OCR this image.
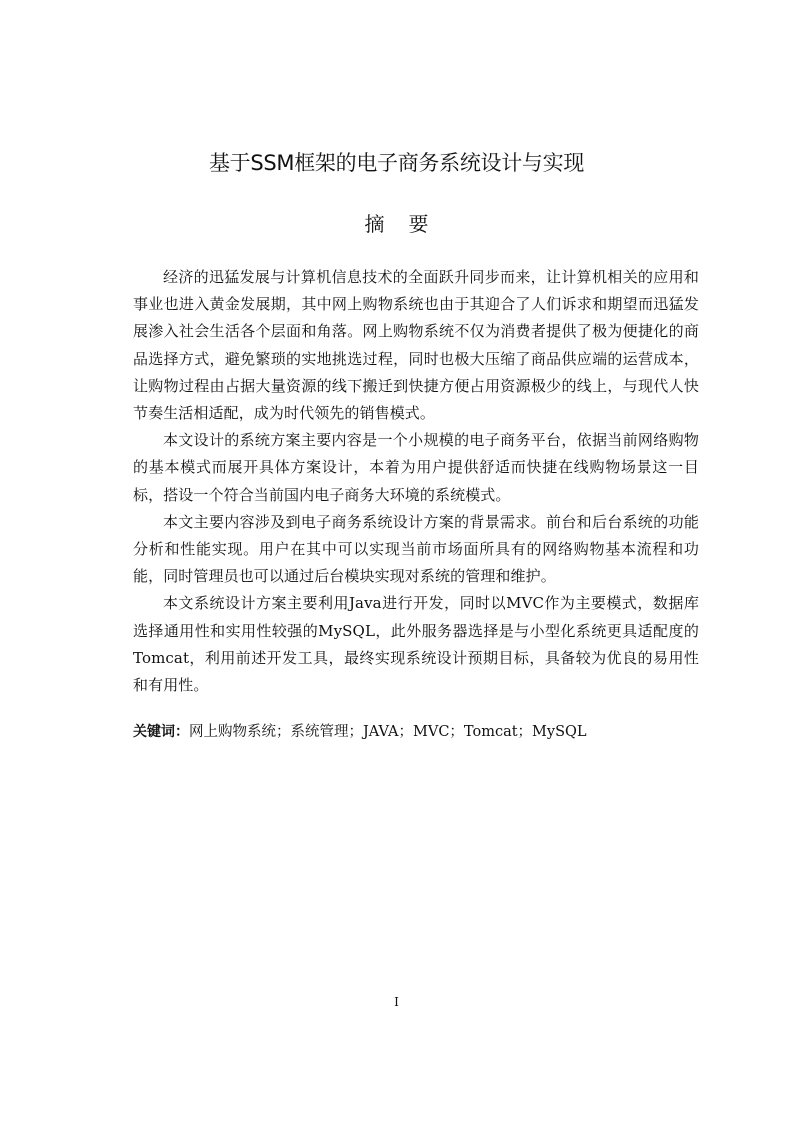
基于SSM框架的电子商务系统设计与实现
摘要

经济的迅猛发展与计算机信息技术的全面跃升同步而来，让计算机相关的应用和事业也进入黄金发展期，其中网上购物系统也由于其迎合了人们诉求和期望而迅猛发展渗入社会生活各个层面和角落。网上购物系统不仅为消费者提供了极为便捷化的商品选择方式，避免繁琐的实地挑选过程，同时也极大压缩了商品供应端的运营成本，让购物过程由占据大量资源的线下搬迁到快捷方便占用资源极少的线上，与现代人快节奏生活相适配，成为时代领先的销售模式。

本文设计的系统方案主要内容是一个小规模的电子商务平台，依据当前网络购物的基本模式而展开具体方案设计，本着为用户提供舒适而快捷在线购物场景这一目标，搭设一个符合当前国内电子商务大环境的系统模式。

本文主要内容涉及到电子商务系统设计方案的背景需求。前台和后台系统的功能分析和性能实现。用户在其中可以实现当前市场面所具有的网络购物基本流程和功能，同时管理员也可以通过后台模块实现对系统的管理和维护。

本文系统设计方案主要利用Java进行开发，同时以MVC作为主要模式，数据库选择通用性和实用性较强的MySQL，此外服务器选择是与小型化系统更具适配度的Tomcat，利用前述开发工具，最终实现系统设计预期目标，具备较为优良的易用性和有用性。

关键词：网上购物系统；系统管理；JAVA；MVC；Tomcat；MySQL
I
